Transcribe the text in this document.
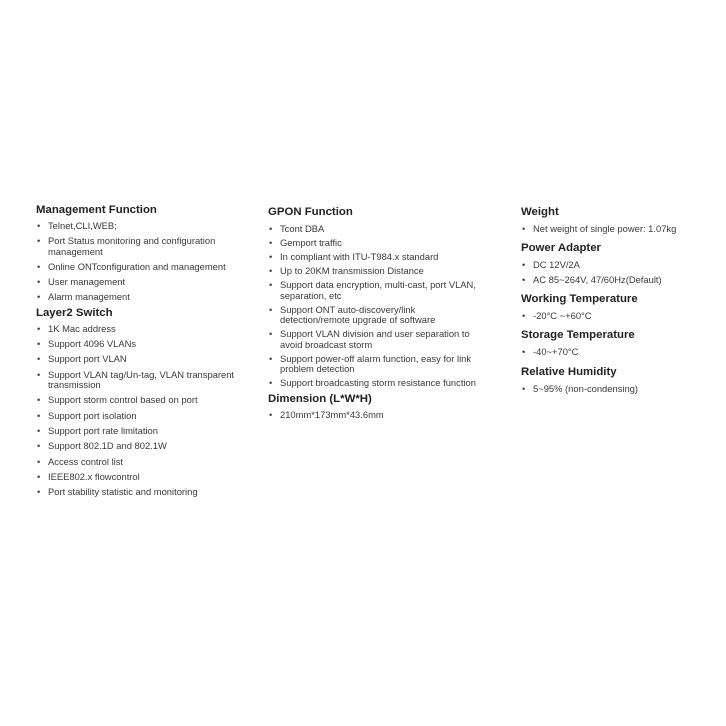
Management Function
• Telnet,CLI,WEB;
• Port Status monitoring and configuration management
• Online ONTconfiguration and management
• User management
• Alarm management
Layer2 Switch
• 1K Mac address
• Support 4096 VLANs
• Support port VLAN
• Support VLAN tag/Un-tag, VLAN transparent transmission
• Support storm control based on port
• Support port isolation
• Support port rate limitation
• Support 802.1D and 802.1W
• Access control list
• IEEE802.x flowcontrol
• Port stability statistic and monitoring
GPON Function
• Tcont DBA
• Gemport traffic
• In compliant with ITU-T984.x standard
• Up to 20KM transmission Distance
• Support data encryption, multi-cast, port VLAN, separation, etc
• Support ONT auto-discovery/link detection/remote upgrade of software
• Support VLAN division and user separation to avoid broadcast storm
• Support power-off alarm function, easy for link problem detection
• Support broadcasting storm resistance function
Dimension (L*W*H)
• 210mm*173mm*43.6mm
Weight
• Net weight of single power: 1.07kg
Power Adapter
• DC 12V/2A
• AC 85~264V, 47/60Hz(Default)
Working Temperature
• -20°C ~+60°C
Storage Temperature
• -40~+70°C
Relative Humidity
• 5~95% (non-condensing)
